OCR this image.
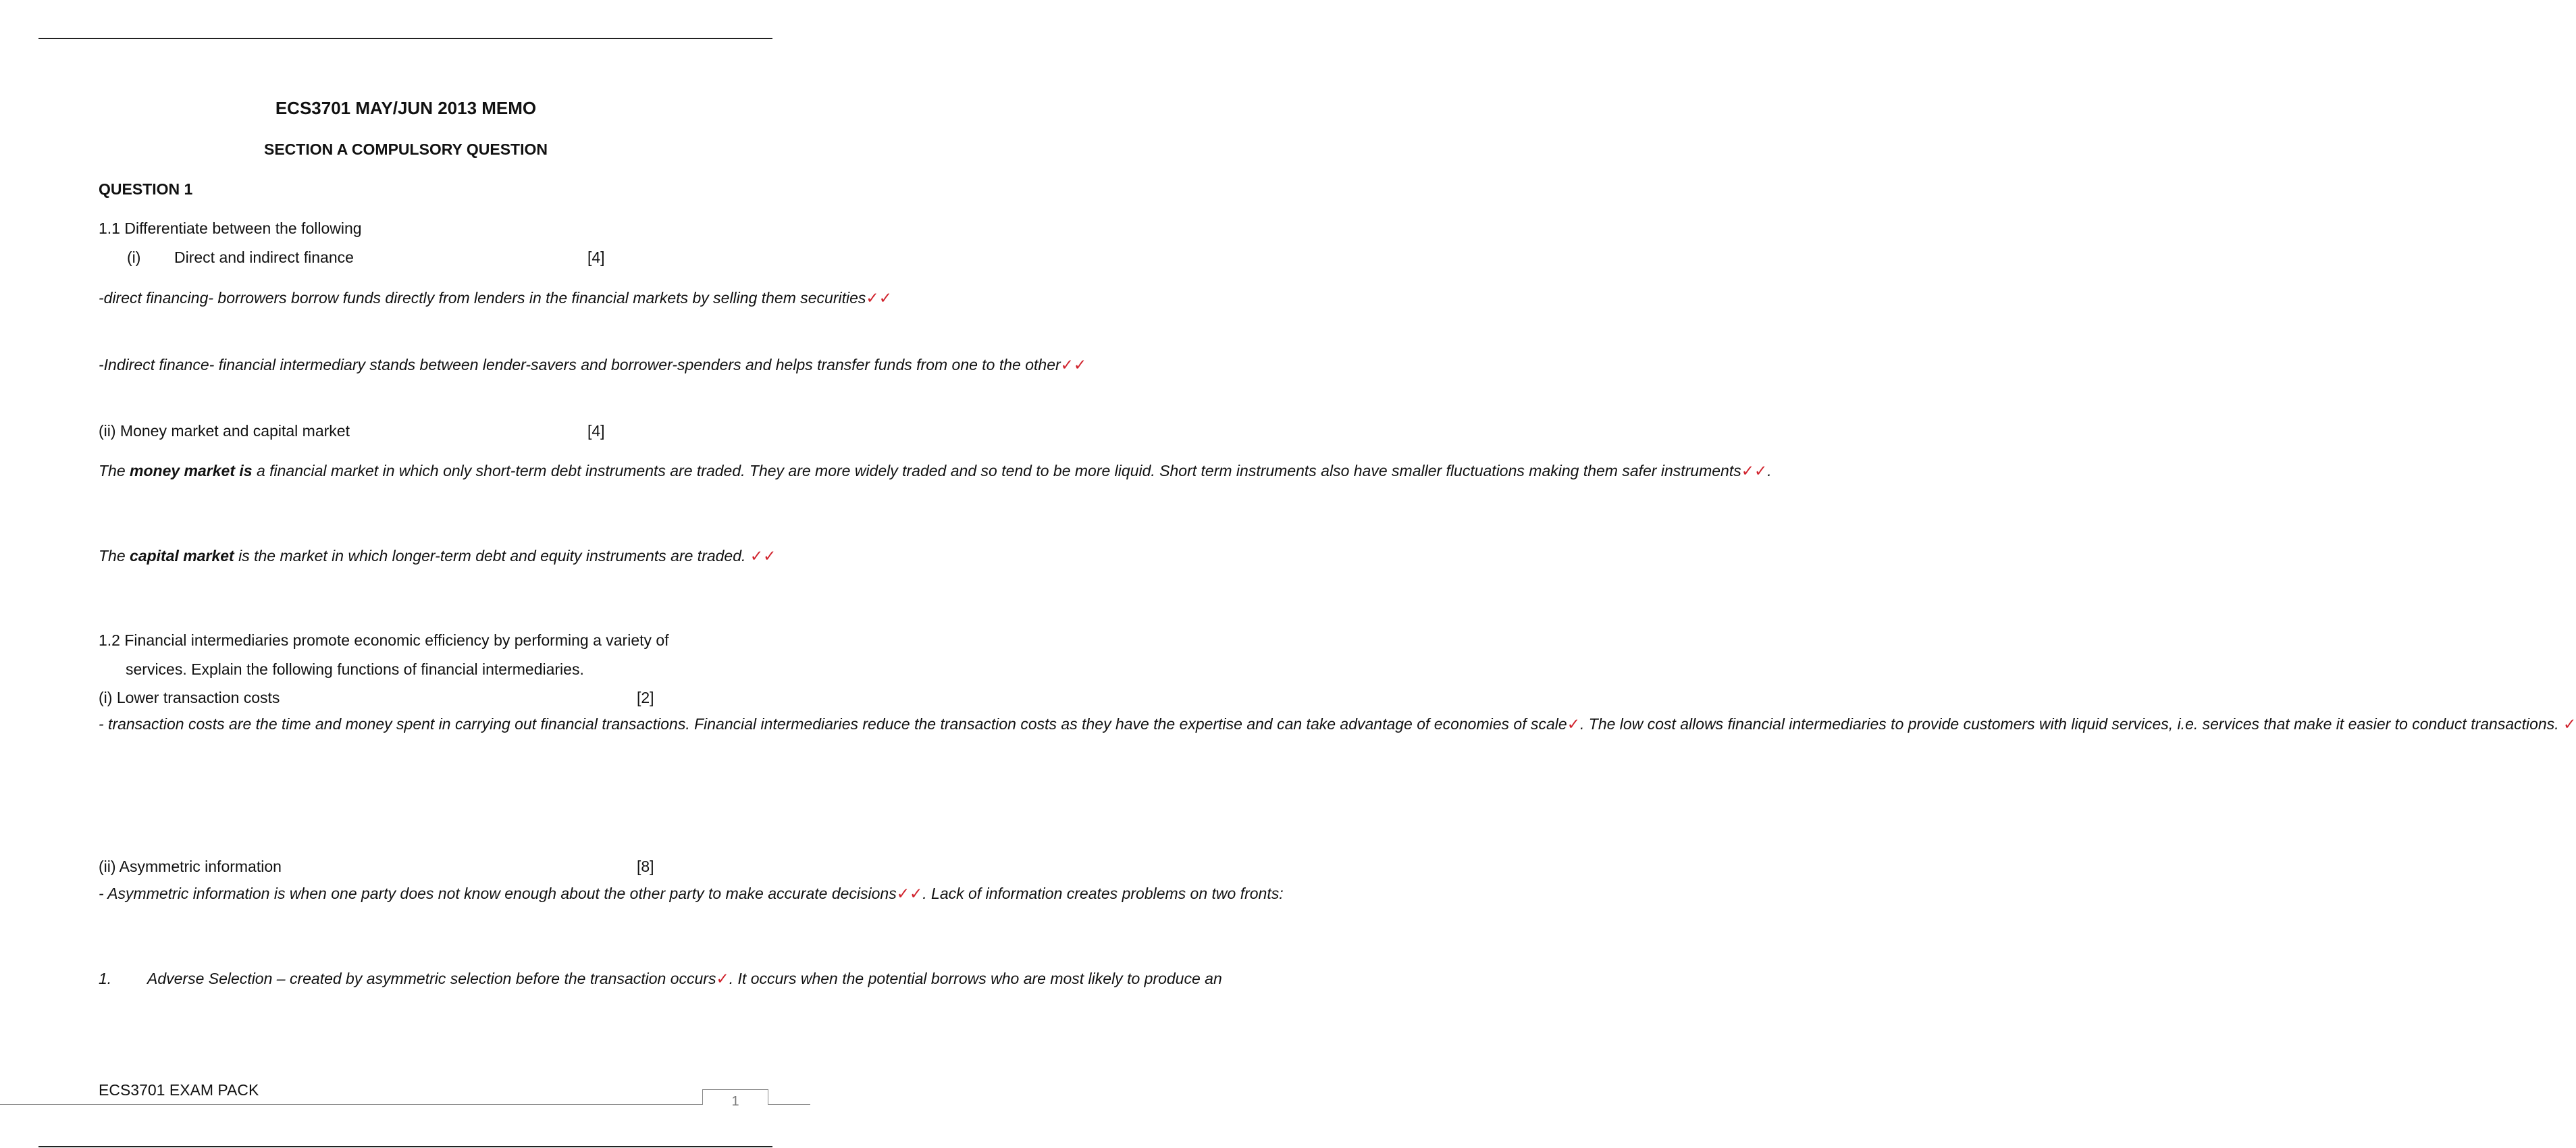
ECS3701 MAY/JUN 2013 MEMO
SECTION A COMPULSORY QUESTION
QUESTION 1
1.1 Differentiate between the following
(i) Direct and indirect finance	[4]
-direct financing- borrowers borrow funds directly from lenders in the financial markets by selling them securities✓✓
-Indirect finance- financial intermediary stands between lender-savers and borrower-spenders and helps transfer funds from one to the other✓✓
(ii) Money market and capital market	[4]
The money market is a financial market in which only short-term debt instruments are traded. They are more widely traded and so tend to be more liquid. Short term instruments also have smaller fluctuations making them safer instruments✓✓.
The capital market is the market in which longer-term debt and equity instruments are traded. ✓✓
1.2 Financial intermediaries promote economic efficiency by performing a variety of
services. Explain the following functions of financial intermediaries.
(i) Lower transaction costs	[2]
- transaction costs are the time and money spent in carrying out financial transactions. Financial intermediaries reduce the transaction costs as they have the expertise and can take advantage of economies of scale✓. The low cost allows financial intermediaries to provide customers with liquid services, i.e. services that make it easier to conduct transactions. ✓
(ii) Asymmetric information	[8]
- Asymmetric information is when one party does not know enough about the other party to make accurate decisions✓✓. Lack of information creates problems on two fronts:
1. Adverse Selection – created by asymmetric selection before the transaction occurs✓. It occurs when the potential borrows who are most likely to produce an
ECS3701 EXAM PACK
1
